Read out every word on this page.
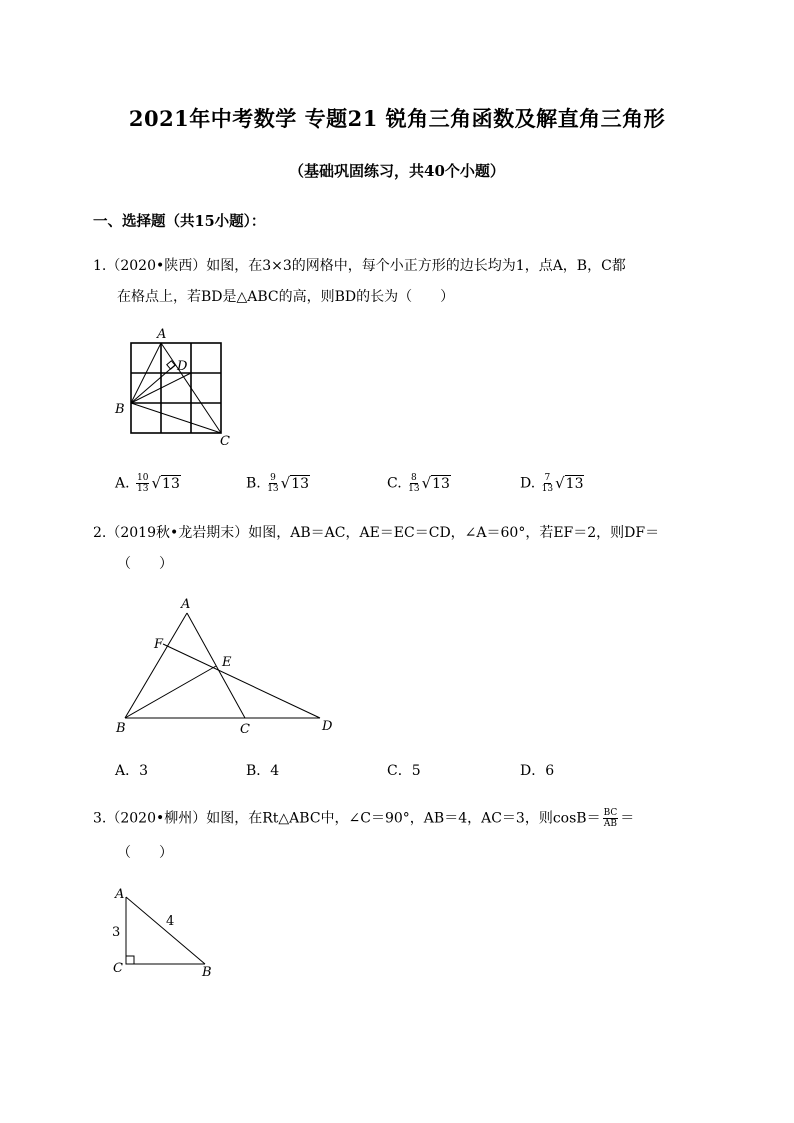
2021年中考数学 专题21 锐角三角函数及解直角三角形
（基础巩固练习，共40个小题）
一、选择题（共15小题）：
1.（2020•陕西）如图，在3×3的网格中，每个小正方形的边长均为1，点A，B，C都
在格点上，若BD是△ABC的高，则BD的长为（　　）
A
D
B
C
A. $\frac{10}{13} √13$	B. $\frac{9}{13} √13$	C. $\frac{8}{13} √13$	D. $\frac{7}{13} √13$
2.（2019秋•龙岩期末）如图，AB＝AC，AE＝EC＝CD，∠A＝60°，若EF＝2，则DF＝
（　　）
A
F
E
B	C	D
A．3	B．4	C．5	D．6
3.（2020•柳州）如图，在Rt△ABC中，∠C＝90°，AB＝4，AC＝3，则$\cos B= \frac{BC}{AB}$ ＝
（　　）
A
C	B
4
3
